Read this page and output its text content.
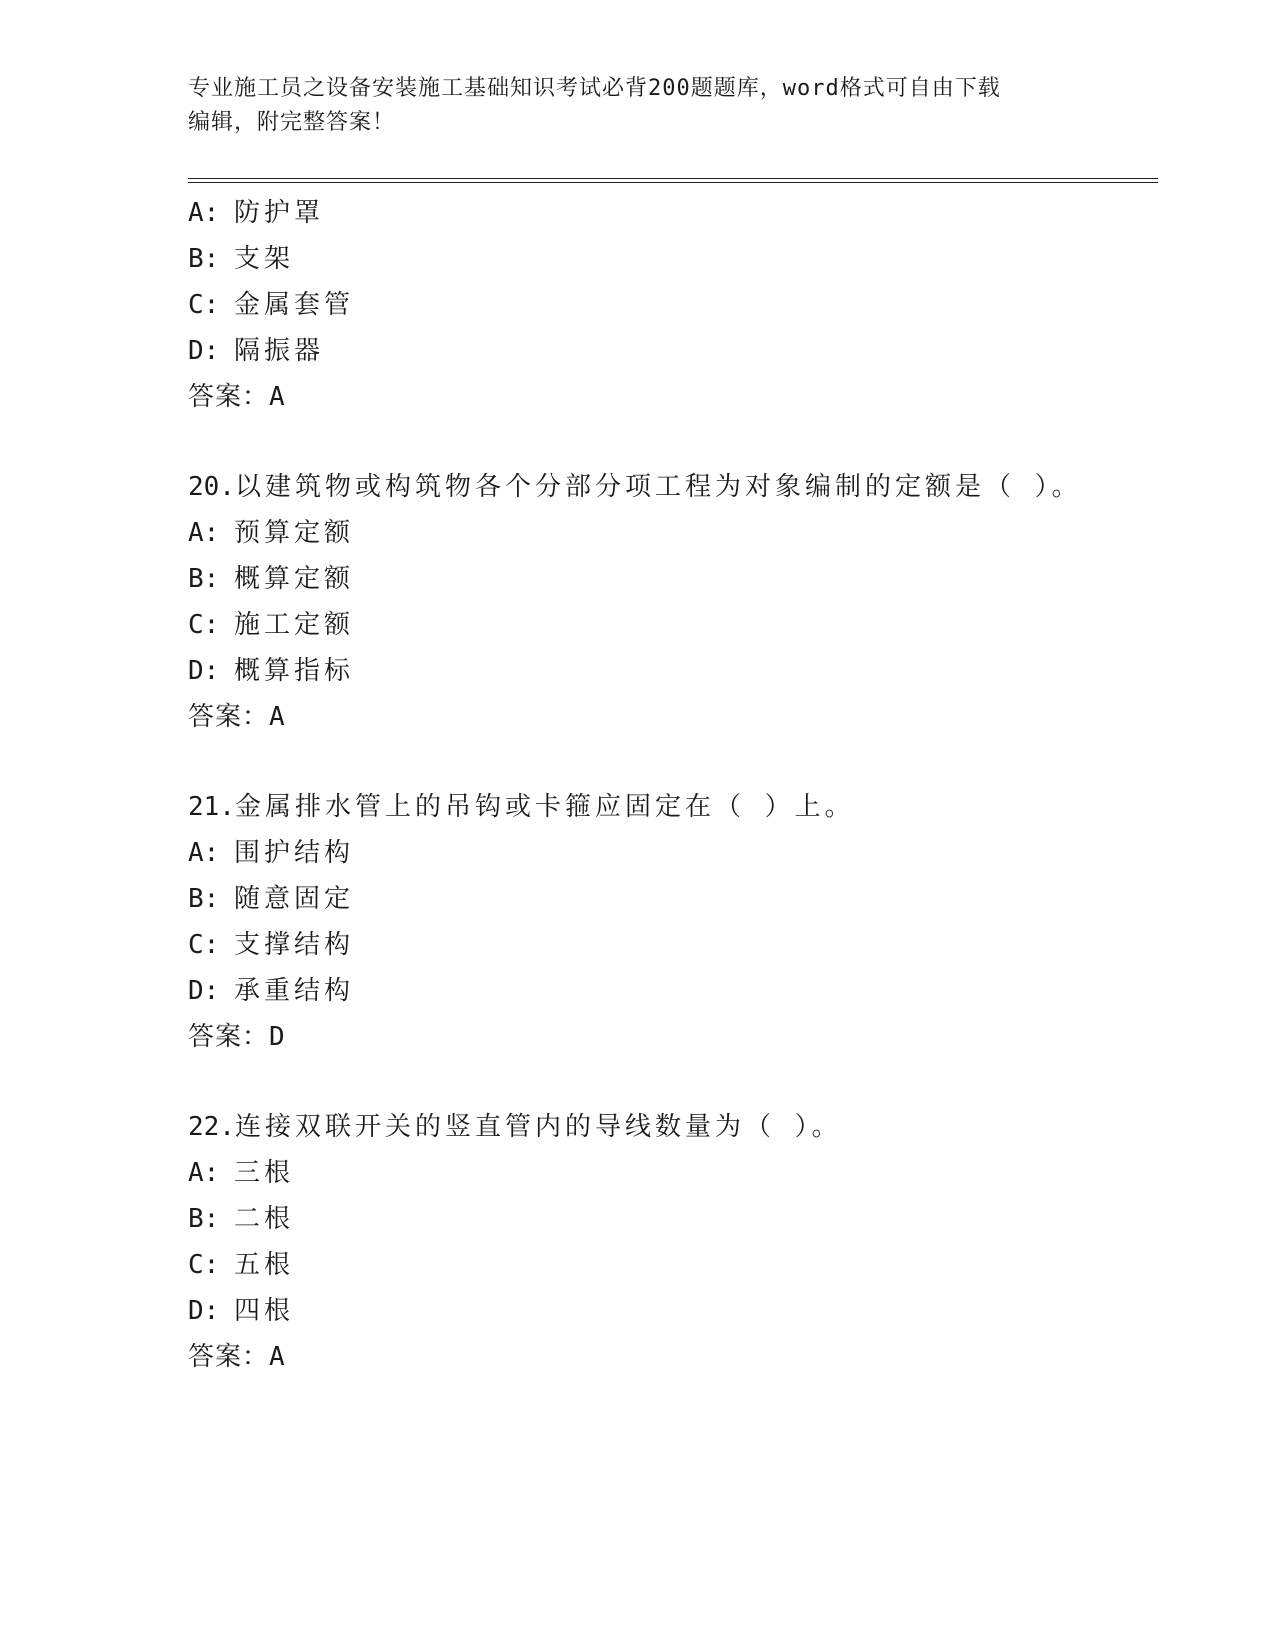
专业施工员之设备安装施工基础知识考试必背200题题库，word格式可自由下载
编辑，附完整答案！
A: 防护罩
B: 支架
C: 金属套管
D: 隔振器
答案：A
20.以建筑物或构筑物各个分部分项工程为对象编制的定额是（ ）。
A: 预算定额
B: 概算定额
C: 施工定额
D: 概算指标
答案：A
21.金属排水管上的吊钩或卡箍应固定在（ ）上。
A: 围护结构
B: 随意固定
C: 支撑结构
D: 承重结构
答案：D
22.连接双联开关的竖直管内的导线数量为（ ）。
A: 三根
B: 二根
C: 五根
D: 四根
答案：A
